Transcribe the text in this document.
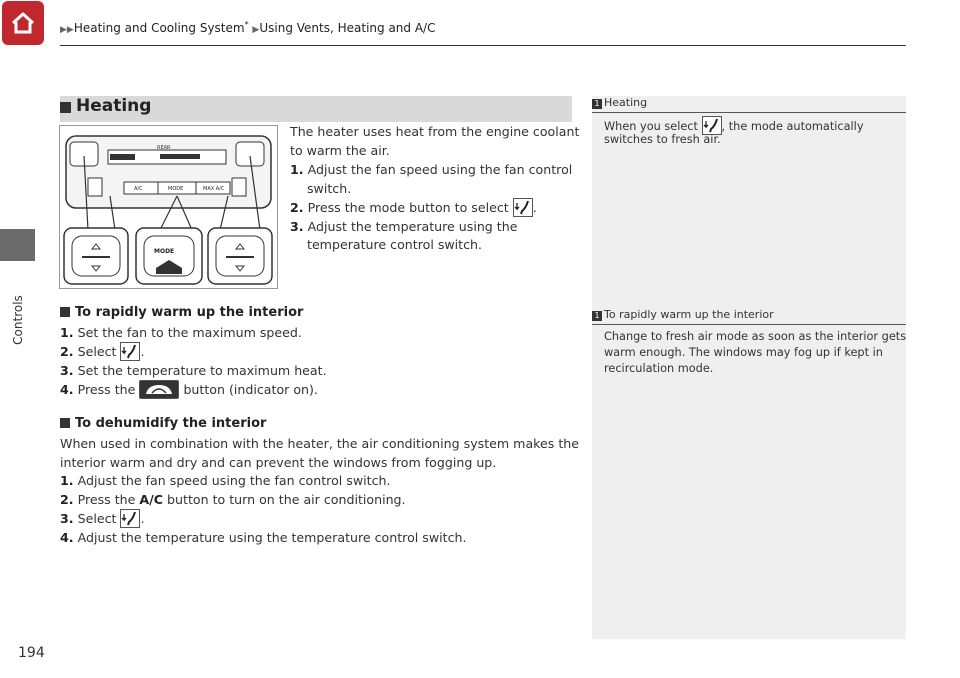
▶▶Heating and Cooling System* ▶Using Vents, Heating and A/C
Controls
194
Heating
REAR
A/C	MODE	MAX A/C
MODE
The heater uses heat from the engine coolant
to warm the air.
1. Adjust the fan speed using the fan control
switch.
2. Press the mode button to select .
3. Adjust the temperature using the
temperature control switch.
To rapidly warm up the interior
1. Set the fan to the maximum speed.
2. Select .
3. Set the temperature to maximum heat.
4. Press the	button (indicator on).
To dehumidify the interior
When used in combination with the heater, the air conditioning system makes the
interior warm and dry and can prevent the windows from fogging up.
1. Adjust the fan speed using the fan control switch.
2. Press the A/C button to turn on the air conditioning.
3. Select .
4. Adjust the temperature using the temperature control switch.
1 Heating
When you select , the mode automatically
switches to fresh air.
1 To rapidly warm up the interior
Change to fresh air mode as soon as the interior gets
warm enough. The windows may fog up if kept in
recirculation mode.
